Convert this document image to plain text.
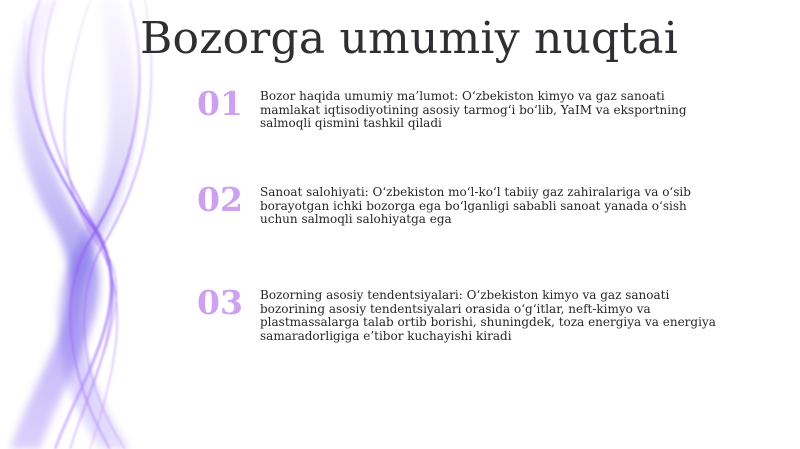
Bozorga umumiy nuqtai
01	Bozor haqida umumiy ma’lumot: O‘zbekiston kimyo va gaz sanoati mamlakat iqtisodiyotining asosiy tarmog‘i bo‘lib, YaIM va eksportning salmoqli qismini tashkil qiladi

02	Sanoat salohiyati: O‘zbekiston mo‘l-ko‘l tabiiy gaz zahiralariga va o‘sib borayotgan ichki bozorga ega bo‘lganligi sababli sanoat yanada o‘sish uchun salmoqli salohiyatga ega

03	Bozorning asosiy tendentsiyalari: O‘zbekiston kimyo va gaz sanoati bozorining asosiy tendentsiyalari orasida o‘g‘itlar, neft-kimyo va plastmassalarga talab ortib borishi, shuningdek, toza energiya va energiya samaradorligiga e’tibor kuchayishi kiradi
